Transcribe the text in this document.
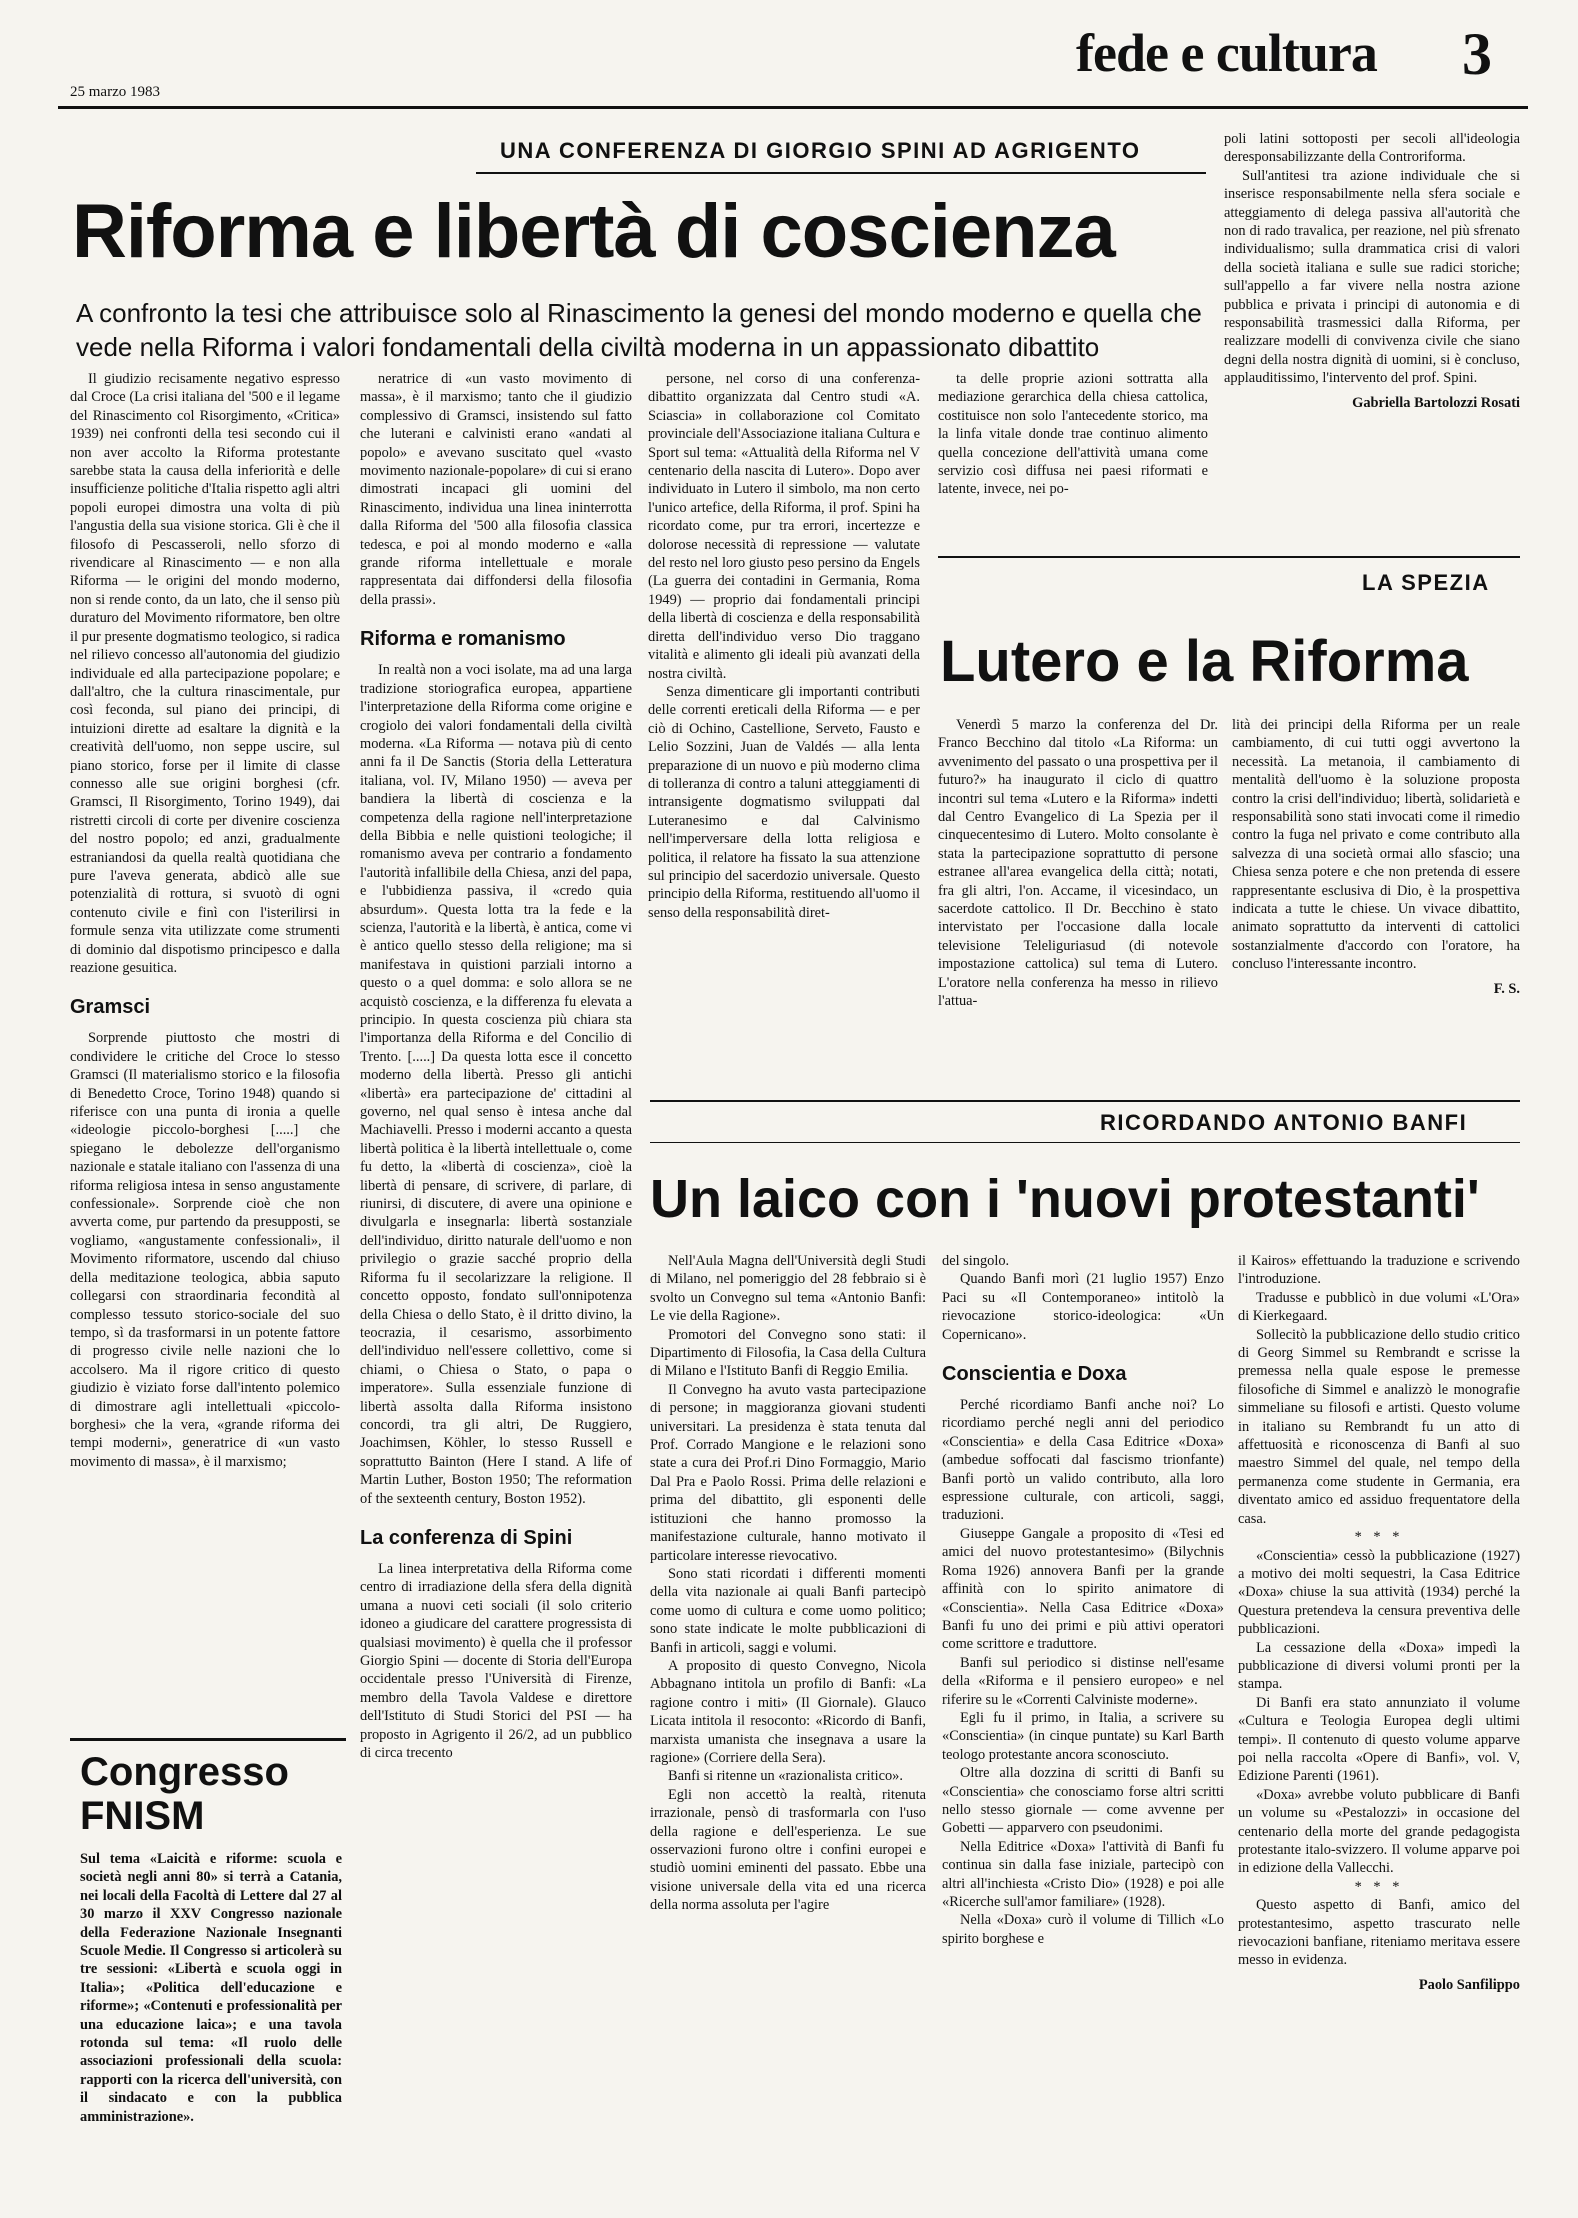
25 marzo 1983
fede e cultura 3
UNA CONFERENZA DI GIORGIO SPINI AD AGRIGENTO
Riforma e libertà di coscienza
A confronto la tesi che attribuisce solo al Rinascimento la genesi del mondo moderno e quella che vede nella Riforma i valori fondamentali della civiltà moderna in un appassionato dibattito

Il giudizio recisamente negativo espresso dal Croce (La crisi italiana del '500 e il legame del Rinascimento col Risorgimento, «Critica» 1939) nei confronti della tesi secondo cui il non aver accolto la Riforma protestante sarebbe stata la causa della inferiorità e delle insufficienze politiche d'Italia rispetto agli altri popoli europei dimostra una volta di più l'angustia della sua visione storica. Gli è che il filosofo di Pescasseroli, nello sforzo di rivendicare al Rinascimento — e non alla Riforma — le origini del mondo moderno, non si rende conto, da un lato, che il senso più duraturo del Movimento riformatore, ben oltre il pur presente dogmatismo teologico, si radica nel rilievo concesso all'autonomia del giudizio individuale ed alla partecipazione popolare; e dall'altro, che la cultura rinascimentale, pur così feconda, sul piano dei principi, di intuizioni dirette ad esaltare la dignità e la creatività dell'uomo, non seppe uscire, sul piano storico, forse per il limite di classe connesso alle sue origini borghesi (cfr. Gramsci, Il Risorgimento, Torino 1949), dai ristretti circoli di corte per divenire coscienza del nostro popolo; ed anzi, gradualmente estraniandosi da quella realtà quotidiana che pure l'aveva generata, abdicò alle sue potenzialità di rottura, si svuotò di ogni contenuto civile e finì con l'isterilirsi in formule senza vita utilizzate come strumenti di dominio dal dispotismo principesco e dalla reazione gesuitica.

Gramsci

Sorprende piuttosto che mostri di condividere le critiche del Croce lo stesso Gramsci (Il materialismo storico e la filosofia di Benedetto Croce, Torino 1948) quando si riferisce con una punta di ironia a quelle «ideologie piccolo-borghesi [.....] che spiegano le debolezze dell'organismo nazionale e statale italiano con l'assenza di una riforma religiosa intesa in senso angustamente confessionale». Sorprende cioè che non avverta come, pur partendo da presupposti, se vogliamo, «angustamente confessionali», il Movimento riformatore, uscendo dal chiuso della meditazione teologica, abbia saputo collegarsi con straordinaria fecondità al complesso tessuto storico-sociale del suo tempo, sì da trasformarsi in un potente fattore di progresso civile nelle nazioni che lo accolsero. Ma il rigore critico di questo giudizio è viziato forse dall'intento polemico di dimostrare agli intellettuali «piccolo-borghesi» che la vera, «grande riforma dei tempi moderni», generatrice di «un vasto movimento di massa», è il marxismo;

neratrice di «un vasto movimento di massa», è il marxismo; tanto che il giudizio complessivo di Gramsci, insistendo sul fatto che luterani e calvinisti erano «andati al popolo» e avevano suscitato quel «vasto movimento nazionale-popolare» di cui si erano dimostrati incapaci gli uomini del Rinascimento, individua una linea ininterrotta dalla Riforma del '500 alla filosofia classica tedesca, e poi al mondo moderno e «alla grande riforma intellettuale e morale rappresentata dai diffondersi della filosofia della prassi».

Riforma e romanismo

In realtà non a voci isolate, ma ad una larga tradizione storiografica europea, appartiene l'interpretazione della Riforma come origine e crogiolo dei valori fondamentali della civiltà moderna. «La Riforma — notava più di cento anni fa il De Sanctis (Storia della Letteratura italiana, vol. IV, Milano 1950) — aveva per bandiera la libertà di coscienza e la competenza della ragione nell'interpretazione della Bibbia e nelle quistioni teologiche; il romanismo aveva per contrario a fondamento l'autorità infallibile della Chiesa, anzi del papa, e l'ubbidienza passiva, il «credo quia absurdum». Questa lotta tra la fede e la scienza, l'autorità e la libertà, è antica, come vi è antico quello stesso della religione; ma si manifestava in quistioni parziali intorno a questo o a quel domma: e solo allora se ne acquistò coscienza, e la differenza fu elevata a principio. In questa coscienza più chiara sta l'importanza della Riforma e del Concilio di Trento. [.....] Da questa lotta esce il concetto moderno della libertà. Presso gli antichi «libertà» era partecipazione de' cittadini al governo, nel qual senso è intesa anche dal Machiavelli. Presso i moderni accanto a questa libertà politica è la libertà intellettuale o, come fu detto, la «libertà di coscienza», cioè la libertà di pensare, di scrivere, di parlare, di riunirsi, di discutere, di avere una opinione e divulgarla e insegnarla: libertà sostanziale dell'individuo, diritto naturale dell'uomo e non privilegio o grazie sacché proprio della Riforma fu il secolarizzare la religione. Il concetto opposto, fondato sull'onnipotenza della Chiesa o dello Stato, è il dritto divino, la teocrazia, il cesarismo, assorbimento dell'individuo nell'essere collettivo, come si chiami, o Chiesa o Stato, o papa o imperatore». Sulla essenziale funzione di libertà assolta dalla Riforma insistono concordi, tra gli altri, De Ruggiero, Joachimsen, Köhler, lo stesso Russell e soprattutto Bainton (Here I stand. A life of Martin Luther, Boston 1950; The reformation of the sexteenth century, Boston 1952).

La conferenza di Spini

La linea interpretativa della Riforma come centro di irradiazione della sfera della dignità umana a nuovi ceti sociali (il solo criterio idoneo a giudicare del carattere progressista di qualsiasi movimento) è quella che il professor Giorgio Spini — docente di Storia dell'Europa occidentale presso l'Università di Firenze, membro della Tavola Valdese e direttore dell'Istituto di Studi Storici del PSI — ha proposto in Agrigento il 26/2, ad un pubblico di circa trecento

persone, nel corso di una conferenza-dibattito organizzata dal Centro studi «A. Sciascia» in collaborazione col Comitato provinciale dell'Associazione italiana Cultura e Sport sul tema: «Attualità della Riforma nel V centenario della nascita di Lutero». Dopo aver individuato in Lutero il simbolo, ma non certo l'unico artefice, della Riforma, il prof. Spini ha ricordato come, pur tra errori, incertezze e dolorose necessità di repressione — valutate del resto nel loro giusto peso persino da Engels (La guerra dei contadini in Germania, Roma 1949) — proprio dai fondamentali principi della libertà di coscienza e della responsabilità diretta dell'individuo verso Dio traggano vitalità e alimento gli ideali più avanzati della nostra civiltà.

Senza dimenticare gli importanti contributi delle correnti ereticali della Riforma — e per ciò di Ochino, Castellione, Serveto, Fausto e Lelio Sozzini, Juan de Valdés — alla lenta preparazione di un nuovo e più moderno clima di tolleranza di contro a taluni atteggiamenti di intransigente dogmatismo sviluppati dal Luteranesimo e dal Calvinismo nell'imperversare della lotta religiosa e politica, il relatore ha fissato la sua attenzione sul principio del sacerdozio universale. Questo principio della Riforma, restituendo all'uomo il senso della responsabilità diret-

ta delle proprie azioni sottratta alla mediazione gerarchica della chiesa cattolica, costituisce non solo l'antecedente storico, ma la linfa vitale donde trae continuo alimento quella concezione dell'attività umana come servizio così diffusa nei paesi riformati e latente, invece, nei po-

poli latini sottoposti per secoli all'ideologia deresponsabilizzante della Controriforma.

Sull'antitesi tra azione individuale che si inserisce responsabilmente nella sfera sociale e atteggiamento di delega passiva all'autorità che non di rado travalica, per reazione, nel più sfrenato individualismo; sulla drammatica crisi di valori della società italiana e sulle sue radici storiche; sull'appello a far vivere nella nostra azione pubblica e privata i principi di autonomia e di responsabilità trasmessici dalla Riforma, per realizzare modelli di convivenza civile che siano degni della nostra dignità di uomini, si è concluso, applauditissimo, l'intervento del prof. Spini.

Gabriella Bartolozzi Rosati

LA SPEZIA
Lutero e la Riforma

Venerdì 5 marzo la conferenza del Dr. Franco Becchino dal titolo «La Riforma: un avvenimento del passato o una prospettiva per il futuro?» ha inaugurato il ciclo di quattro incontri sul tema «Lutero e la Riforma» indetti dal Centro Evangelico di La Spezia per il cinquecentesimo di Lutero. Molto consolante è stata la partecipazione soprattutto di persone estranee all'area evangelica della città; notati, fra gli altri, l'on. Accame, il vicesindaco, un sacerdote cattolico. Il Dr. Becchino è stato intervistato per l'occasione dalla locale televisione Teleliguriasud (di notevole impostazione cattolica) sul tema di Lutero. L'oratore nella conferenza ha messo in rilievo l'attua-

lità dei principi della Riforma per un reale cambiamento, di cui tutti oggi avvertono la necessità. La metanoia, il cambiamento di mentalità dell'uomo è la soluzione proposta contro la crisi dell'individuo; libertà, solidarietà e responsabilità sono stati invocati come il rimedio contro la fuga nel privato e come contributo alla salvezza di una società ormai allo sfascio; una Chiesa senza potere e che non pretenda di essere rappresentante esclusiva di Dio, è la prospettiva indicata a tutte le chiese. Un vivace dibattito, animato soprattutto da interventi di cattolici sostanzialmente d'accordo con l'oratore, ha concluso l'interessante incontro.

F. S.

RICORDANDO ANTONIO BANFI
Un laico con i 'nuovi protestanti'

Nell'Aula Magna dell'Università degli Studi di Milano, nel pomeriggio del 28 febbraio si è svolto un Convegno sul tema «Antonio Banfi: Le vie della Ragione».

Promotori del Convegno sono stati: il Dipartimento di Filosofia, la Casa della Cultura di Milano e l'Istituto Banfi di Reggio Emilia.

Il Convegno ha avuto vasta partecipazione di persone; in maggioranza giovani studenti universitari. La presidenza è stata tenuta dal Prof. Corrado Mangione e le relazioni sono state a cura dei Prof.ri Dino Formaggio, Mario Dal Pra e Paolo Rossi. Prima delle relazioni e prima del dibattito, gli esponenti delle istituzioni che hanno promosso la manifestazione culturale, hanno motivato il particolare interesse rievocativo.

Sono stati ricordati i differenti momenti della vita nazionale ai quali Banfi partecipò come uomo di cultura e come uomo politico; sono state indicate le molte pubblicazioni di Banfi in articoli, saggi e volumi.

A proposito di questo Convegno, Nicola Abbagnano intitola un profilo di Banfi: «La ragione contro i miti» (Il Giornale). Glauco Licata intitola il resoconto: «Ricordo di Banfi, marxista umanista che insegnava a usare la ragione» (Corriere della Sera).

Banfi si ritenne un «razionalista critico».

Egli non accettò la realtà, ritenuta irrazionale, pensò di trasformarla con l'uso della ragione e dell'esperienza. Le sue osservazioni furono oltre i confini europei e studiò uomini eminenti del passato. Ebbe una visione universale della vita ed una ricerca della norma assoluta per l'agire

del singolo.

Quando Banfi morì (21 luglio 1957) Enzo Paci su «Il Contemporaneo» intitolò la rievocazione storico-ideologica: «Un Copernicano».

Conscientia e Doxa

Perché ricordiamo Banfi anche noi? Lo ricordiamo perché negli anni del periodico «Conscientia» e della Casa Editrice «Doxa» (ambedue soffocati dal fascismo trionfante) Banfi portò un valido contributo, alla loro espressione culturale, con articoli, saggi, traduzioni.

Giuseppe Gangale a proposito di «Tesi ed amici del nuovo protestantesimo» (Bilychnis Roma 1926) annovera Banfi per la grande affinità con lo spirito animatore di «Conscientia». Nella Casa Editrice «Doxa» Banfi fu uno dei primi e più attivi operatori come scrittore e traduttore.

Banfi sul periodico si distinse nell'esame della «Riforma e il pensiero europeo» e nel riferire su le «Correnti Calviniste moderne».

Egli fu il primo, in Italia, a scrivere su «Conscientia» (in cinque puntate) su Karl Barth teologo protestante ancora sconosciuto.

Oltre alla dozzina di scritti di Banfi su «Conscientia» che conosciamo forse altri scritti nello stesso giornale — come avvenne per Gobetti — apparvero con pseudonimi.

Nella Editrice «Doxa» l'attività di Banfi fu continua sin dalla fase iniziale, partecipò con altri all'inchiesta «Cristo Dio» (1928) e poi alle «Ricerche sull'amor familiare» (1928).

Nella «Doxa» curò il volume di Tillich «Lo spirito borghese e

il Kairos» effettuando la traduzione e scrivendo l'introduzione.

Tradusse e pubblicò in due volumi «L'Ora» di Kierkegaard.

Sollecitò la pubblicazione dello studio critico di Georg Simmel su Rembrandt e scrisse la premessa nella quale espose le premesse filosofiche di Simmel e analizzò le monografie simmeliane su filosofi e artisti. Questo volume in italiano su Rembrandt fu un atto di affettuosità e riconoscenza di Banfi al suo maestro Simmel del quale, nel tempo della permanenza come studente in Germania, era diventato amico ed assiduo frequentatore della casa.

* * *

«Conscientia» cessò la pubblicazione (1927) a motivo dei molti sequestri, la Casa Editrice «Doxa» chiuse la sua attività (1934) perché la Questura pretendeva la censura preventiva delle pubblicazioni.

La cessazione della «Doxa» impedì la pubblicazione di diversi volumi pronti per la stampa.

Di Banfi era stato annunziato il volume «Cultura e Teologia Europea degli ultimi tempi». Il contenuto di questo volume apparve poi nella raccolta «Opere di Banfi», vol. V, Edizione Parenti (1961).

«Doxa» avrebbe voluto pubblicare di Banfi un volume su «Pestalozzi» in occasione del centenario della morte del grande pedagogista protestante italo-svizzero. Il volume apparve poi in edizione della Vallecchi.

* * *

Questo aspetto di Banfi, amico del protestantesimo, aspetto trascurato nelle rievocazioni banfiane, riteniamo meritava essere messo in evidenza.

Paolo Sanfilippo

Congresso
FNISM

Sul tema «Laicità e riforme: scuola e società negli anni 80» si terrà a Catania, nei locali della Facoltà di Lettere dal 27 al 30 marzo il XXV Congresso nazionale della Federazione Nazionale Insegnanti Scuole Medie. Il Congresso si articolerà su tre sessioni: «Libertà e scuola oggi in Italia»; «Politica dell'educazione e riforme»; «Contenuti e professionalità per una educazione laica»; e una tavola rotonda sul tema: «Il ruolo delle associazioni professionali della scuola: rapporti con la ricerca dell'università, con il sindacato e con la pubblica amministrazione».
